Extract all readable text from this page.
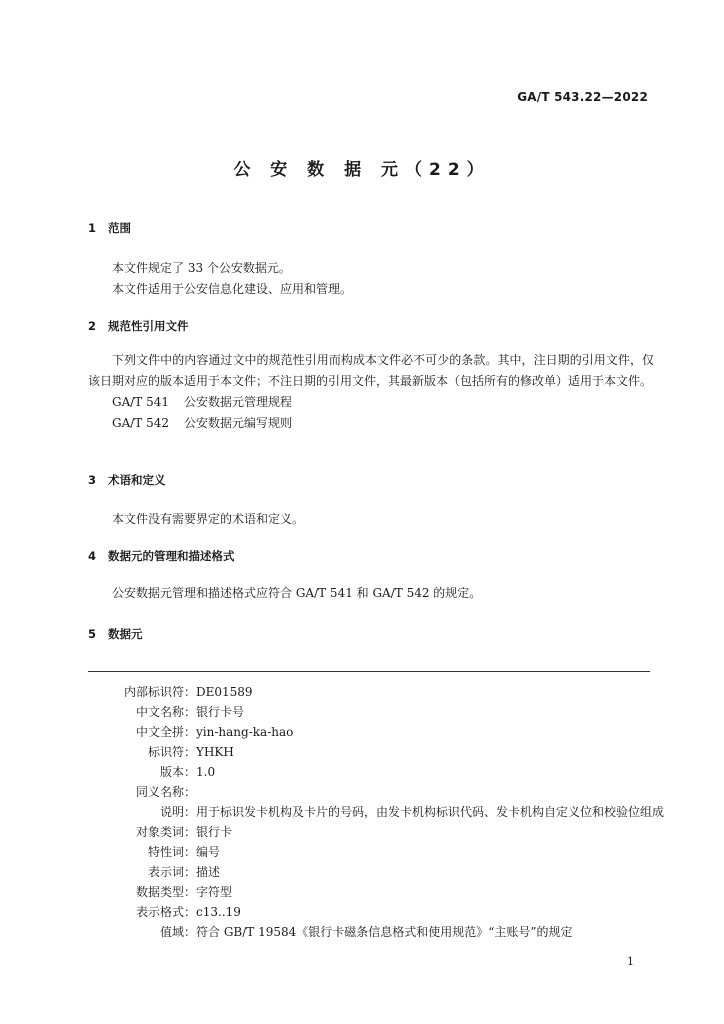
GA/T 543.22—2022
公 安 数 据 元（22）
1 范围
本文件规定了 33 个公安数据元。
本文件适用于公安信息化建设、应用和管理。
2 规范性引用文件
下列文件中的内容通过文中的规范性引用而构成本文件必不可少的条款。其中，注日期的引用文件，仅该日期对应的版本适用于本文件；不注日期的引用文件，其最新版本（包括所有的修改单）适用于本文件。
GA/T 541 公安数据元管理规程
GA/T 542 公安数据元编写规则
3 术语和定义
本文件没有需要界定的术语和定义。
4 数据元的管理和描述格式
公安数据元管理和描述格式应符合 GA/T 541 和 GA/T 542 的规定。
5 数据元
内部标识符 ： DE01589
中文名称 ： 银行卡号
中文全拼 ： yin-hang-ka-hao
标识符 ： YHKH
版本 ： 1.0
同义名称 ：
说明 ： 用于标识发卡机构及卡片的号码，由发卡机构标识代码、发卡机构自定义位和校验位组成
对象类词 ： 银行卡
特性词 ： 编号
表示词 ： 描述
数据类型 ： 字符型
表示格式 ： c13..19
值域 ： 符合 GB/T 19584《银行卡磁条信息格式和使用规范》“主账号”的规定
1
